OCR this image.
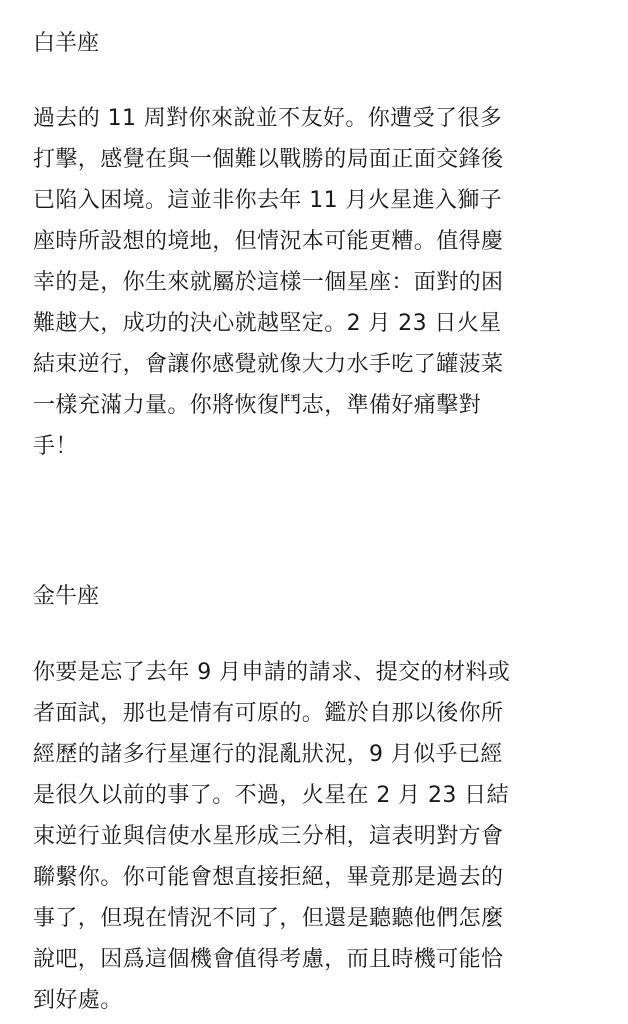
白羊座
過去的 11 周對你來說並不友好。你遭受了很多
打擊，感覺在與一個難以戰勝的局面正面交鋒後
已陷入困境。這並非你去年 11 月火星進入獅子
座時所設想的境地，但情況本可能更糟。值得慶
幸的是，你生來就屬於這樣一個星座：面對的困
難越大，成功的決心就越堅定。2 月 23 日火星
結束逆行，會讓你感覺就像大力水手吃了罐菠菜
一樣充滿力量。你將恢復鬥志，準備好痛擊對
手！
金牛座
你要是忘了去年 9 月申請的請求、提交的材料或
者面試，那也是情有可原的。鑑於自那以後你所
經歷的諸多行星運行的混亂狀況，9 月似乎已經
是很久以前的事了。不過，火星在 2 月 23 日結
束逆行並與信使水星形成三分相，這表明對方會
聯繫你。你可能會想直接拒絕，畢竟那是過去的
事了，但現在情況不同了，但還是聽聽他們怎麼
說吧，因爲這個機會值得考慮，而且時機可能恰
到好處。
